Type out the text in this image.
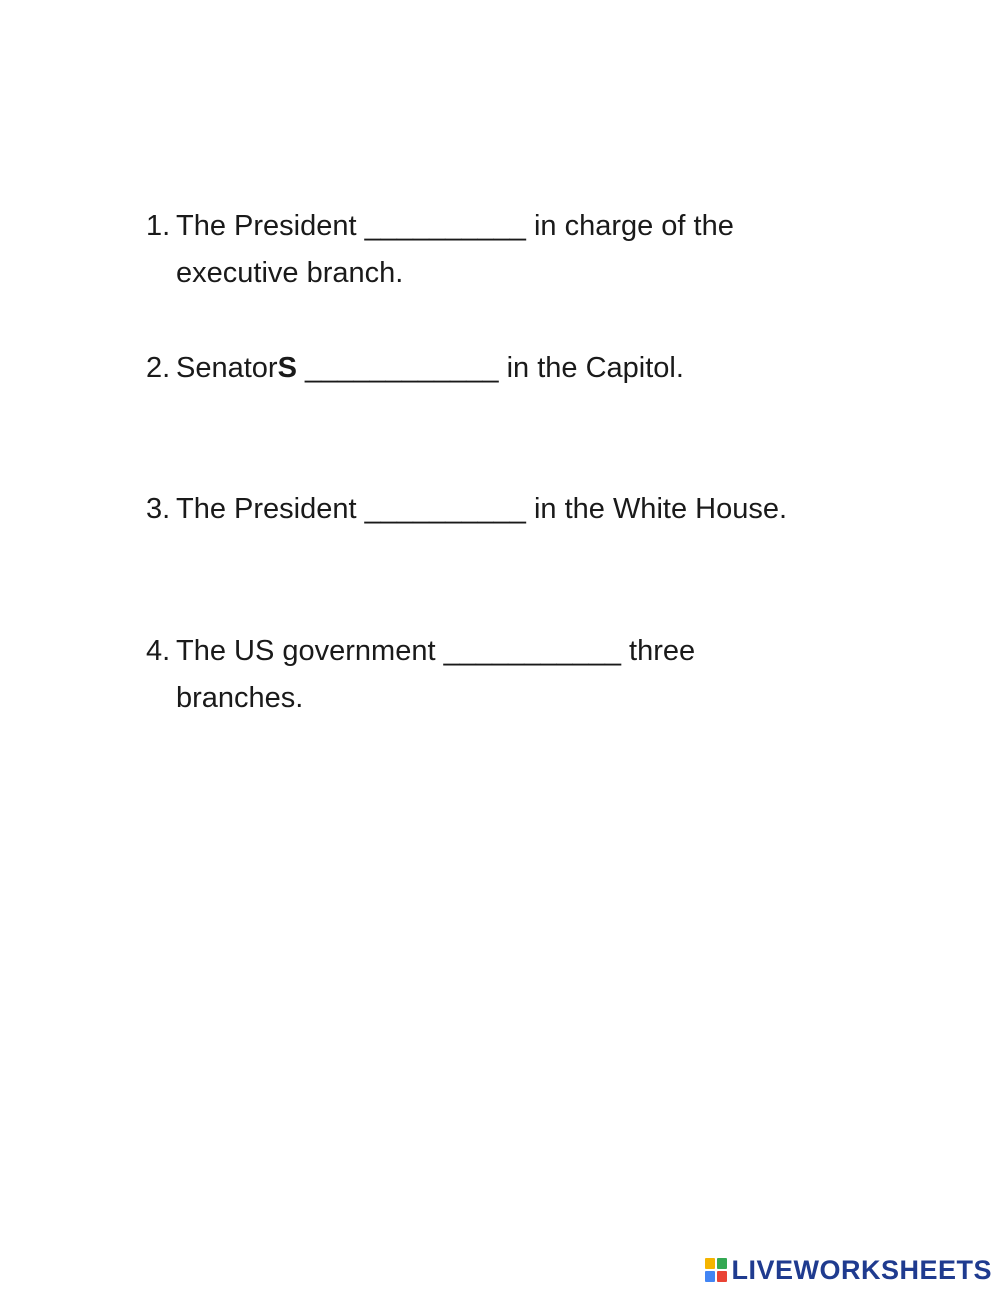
1. The President __________ in charge of the
executive branch.
2. SenatorS ____________ in the Capitol.
3. The President __________ in the White House.
4. The US government ___________ three
branches.
LIVEWORKSHEETS
